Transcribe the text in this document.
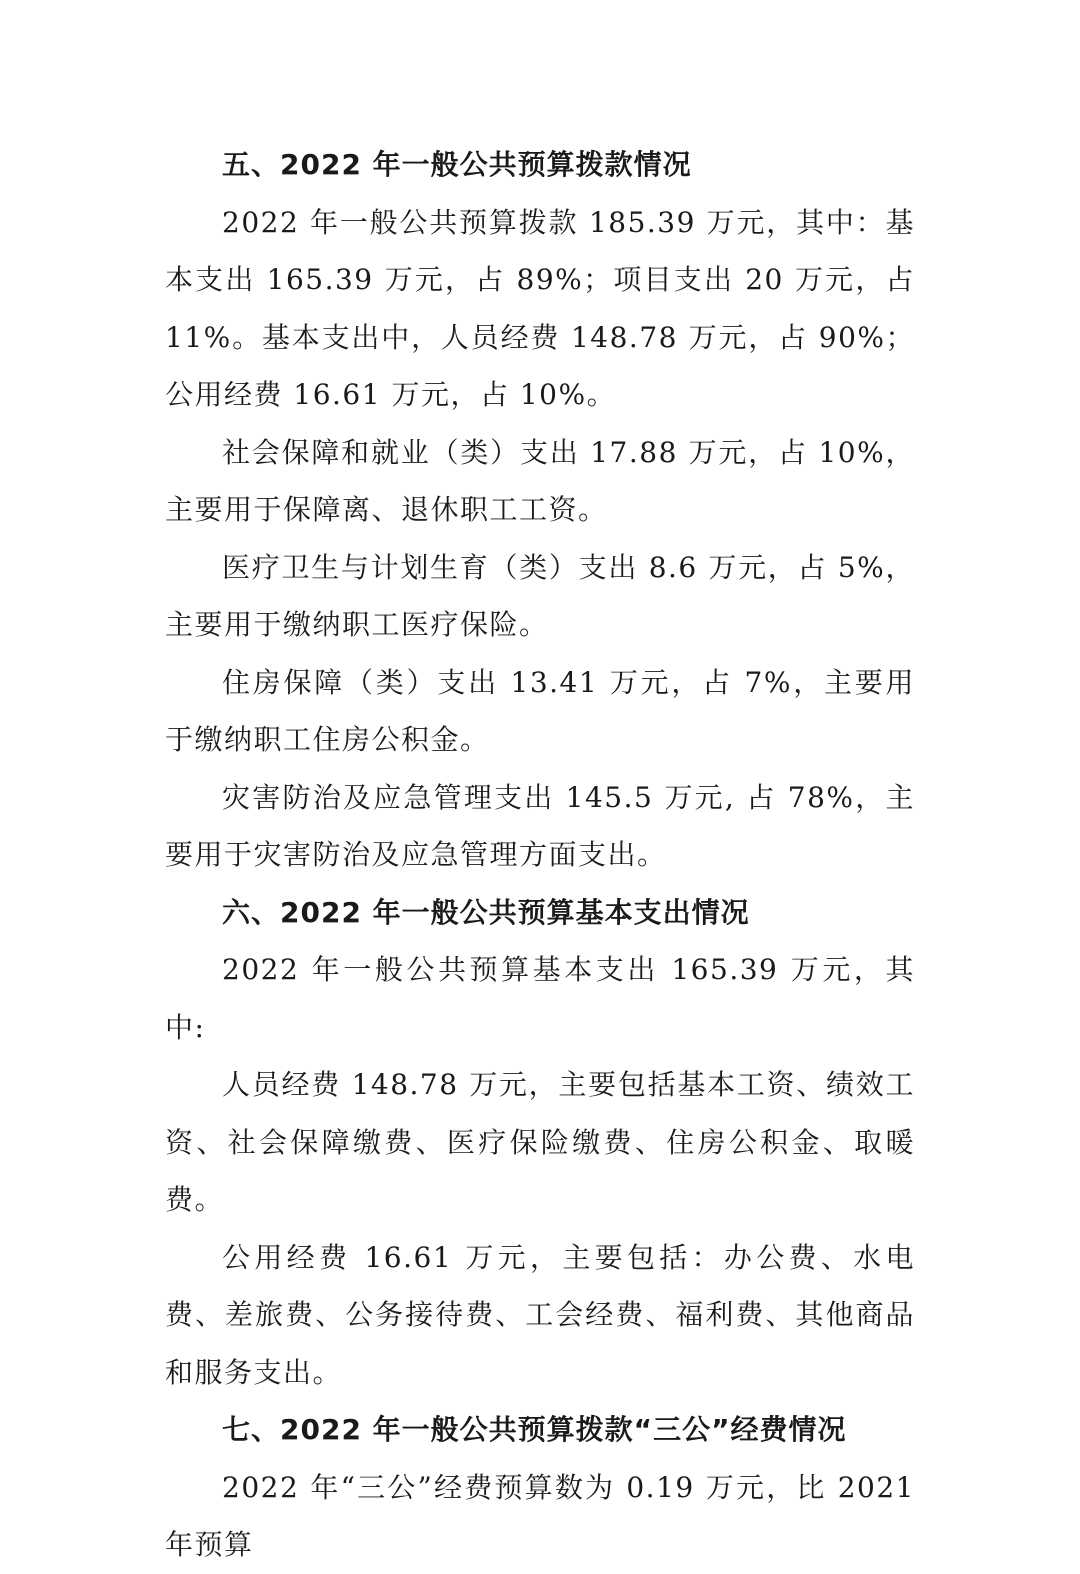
五、2022 年一般公共预算拨款情况

2022 年一般公共预算拨款 185.39 万元，其中：基本支出 165.39 万元，占 89%；项目支出 20 万元，占 11%。基本支出中，人员经费 148.78 万元，占 90%；公用经费 16.61 万元，占 10%。

社会保障和就业（类）支出 17.88 万元，占 10%，主要用于保障离、退休职工工资。

医疗卫生与计划生育（类）支出 8.6 万元，占 5%，主要用于缴纳职工医疗保险。

住房保障（类）支出 13.41 万元，占 7%，主要用于缴纳职工住房公积金。

灾害防治及应急管理支出 145.5 万元, 占 78%，主要用于灾害防治及应急管理方面支出。

六、2022 年一般公共预算基本支出情况

2022 年一般公共预算基本支出 165.39 万元，其中:

人员经费 148.78 万元，主要包括基本工资、绩效工资、社会保障缴费、医疗保险缴费、住房公积金、取暖费。

公用经费 16.61 万元，主要包括：办公费、水电费、差旅费、公务接待费、工会经费、福利费、其他商品和服务支出。

七、2022 年一般公共预算拨款“三公”经费情况

2022 年“三公”经费预算数为 0.19 万元，比 2021 年预算
